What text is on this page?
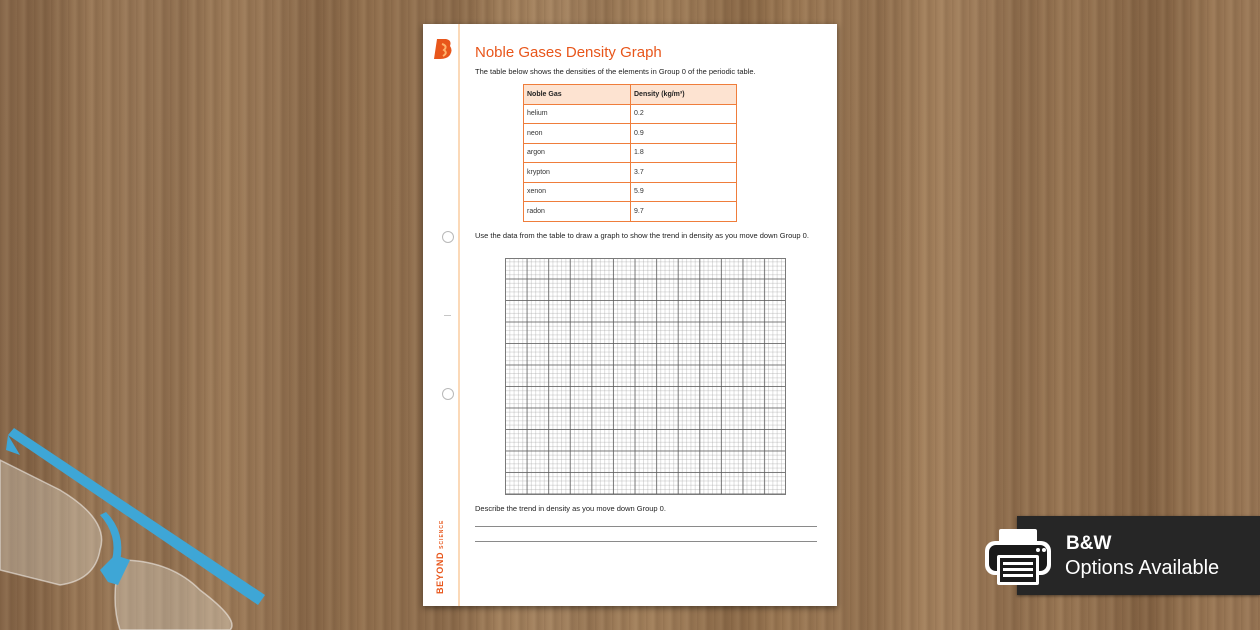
BEYONDSCIENCE
Noble Gases Density Graph
The table below shows the densities of the elements in Group 0 of the periodic table.
Noble Gas	Density (kg/m³)
helium	0.2
neon	0.9
argon	1.8
krypton	3.7
xenon	5.9
radon	9.7
Use the data from the table to draw a graph to show the trend in density as you move down Group 0.
Describe the trend in density as you move down Group 0.
B&W
Options Available
